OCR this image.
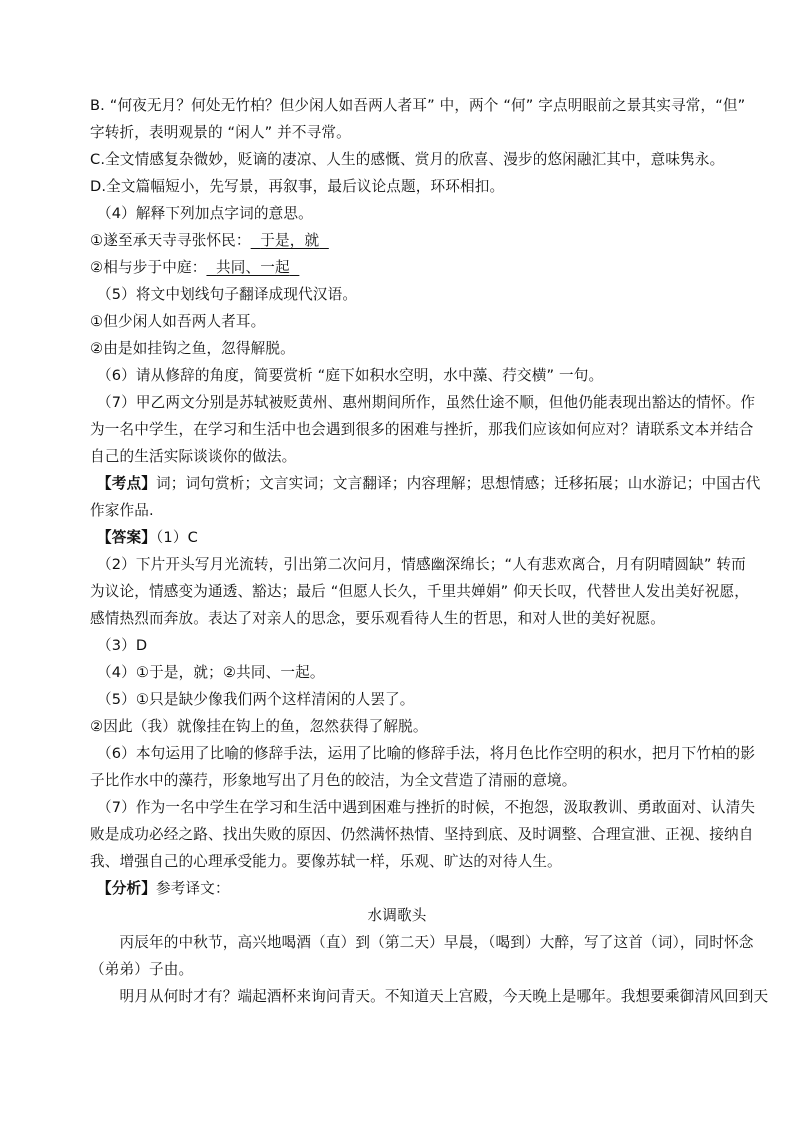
B. “何夜无月？何处无竹柏？但少闲人如吾两人者耳” 中，两个 “何” 字点明眼前之景其实寻常，“但”
字转折，表明观景的 “闲人” 并不寻常。
C.全文情感复杂微妙，贬谪的凄凉、人生的感慨、赏月的欣喜、漫步的悠闲融汇其中，意味隽永。
D.全文篇幅短小，先写景，再叙事，最后议论点题，环环相扣。
（4）解释下列加点字词的意思。
①遂至承天寺寻张怀民： 于是，就
②相与步于中庭： 共同、一起
（5）将文中划线句子翻译成现代汉语。
①但少闲人如吾两人者耳。
②由是如挂钩之鱼，忽得解脱。
（6）请从修辞的角度，简要赏析 “庭下如积水空明，水中藻、荇交横” 一句。
（7）甲乙两文分别是苏轼被贬黄州、惠州期间所作，虽然仕途不顺，但他仍能表现出豁达的情怀。作
为一名中学生，在学习和生活中也会遇到很多的困难与挫折，那我们应该如何应对？请联系文本并结合
自己的生活实际谈谈你的做法。
【考点】词；词句赏析；文言实词；文言翻译；内容理解；思想情感；迁移拓展；山水游记；中国古代
作家作品.
【答案】（1）C
（2）下片开头写月光流转，引出第二次问月，情感幽深绵长；“人有悲欢离合，月有阴晴圆缺” 转而
为议论，情感变为通透、豁达；最后 “但愿人长久，千里共婵娟” 仰天长叹，代替世人发出美好祝愿，
感情热烈而奔放。表达了对亲人的思念，要乐观看待人生的哲思，和对人世的美好祝愿。
（3）D
（4）①于是，就；②共同、一起。
（5）①只是缺少像我们两个这样清闲的人罢了。
②因此（我）就像挂在钩上的鱼，忽然获得了解脱。
（6）本句运用了比喻的修辞手法，运用了比喻的修辞手法，将月色比作空明的积水，把月下竹柏的影
子比作水中的藻荇，形象地写出了月色的皎洁，为全文营造了清丽的意境。
（7）作为一名中学生在学习和生活中遇到困难与挫折的时候，不抱怨，汲取教训、勇敢面对、认清失
败是成功必经之路、找出失败的原因、仍然满怀热情、坚持到底、及时调整、合理宣泄、正视、接纳自
我、增强自己的心理承受能力。要像苏轼一样，乐观、旷达的对待人生。
【分析】参考译文：
水调歌头
　　丙辰年的中秋节，高兴地喝酒（直）到（第二天）早晨，（喝到）大醉，写了这首（词），同时怀念
（弟弟）子由。
　　明月从何时才有？端起酒杯来询问青天。不知道天上宫殿，今天晚上是哪年。我想要乘御清风回到天
